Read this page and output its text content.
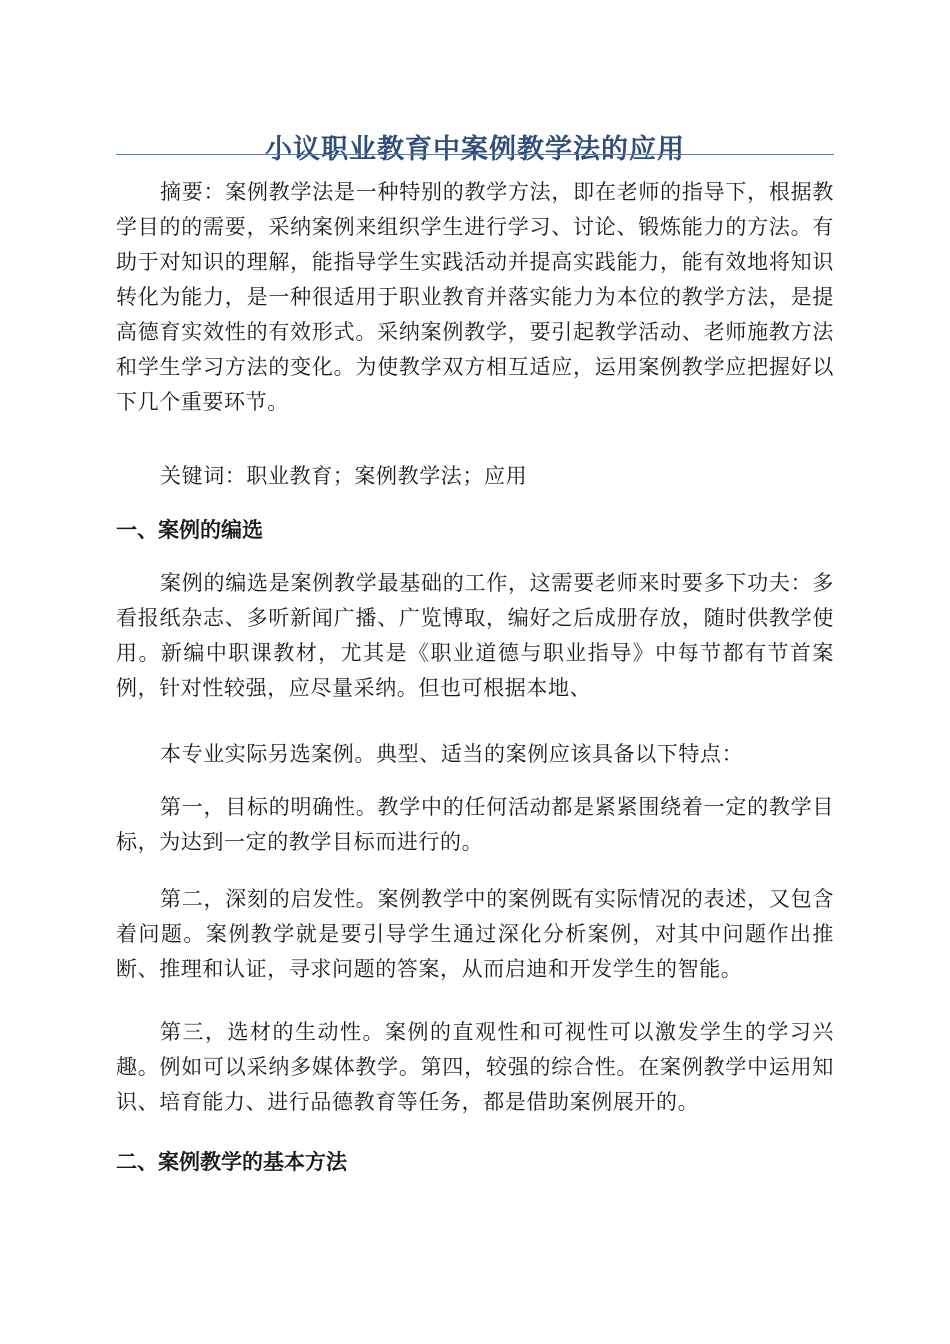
小议职业教育中案例教学法的应用

摘要：案例教学法是一种特别的教学方法，即在老师的指导下，根据教学目的的需要，采纳案例来组织学生进行学习、讨论、锻炼能力的方法。有助于对知识的理解，能指导学生实践活动并提高实践能力，能有效地将知识转化为能力，是一种很适用于职业教育并落实能力为本位的教学方法，是提高德育实效性的有效形式。采纳案例教学，要引起教学活动、老师施教方法和学生学习方法的变化。为使教学双方相互适应，运用案例教学应把握好以下几个重要环节。

关键词：职业教育；案例教学法；应用

一、案例的编选

案例的编选是案例教学最基础的工作，这需要老师来时要多下功夫：多看报纸杂志、多听新闻广播、广览博取，编好之后成册存放，随时供教学使用。新编中职课教材，尤其是《职业道德与职业指导》中每节都有节首案例，针对性较强，应尽量采纳。但也可根据本地、

本专业实际另选案例。典型、适当的案例应该具备以下特点：

第一，目标的明确性。教学中的任何活动都是紧紧围绕着一定的教学目标，为达到一定的教学目标而进行的。

第二，深刻的启发性。案例教学中的案例既有实际情况的表述，又包含着问题。案例教学就是要引导学生通过深化分析案例，对其中问题作出推断、推理和认证，寻求问题的答案，从而启迪和开发学生的智能。

第三，选材的生动性。案例的直观性和可视性可以激发学生的学习兴趣。例如可以采纳多媒体教学。第四，较强的综合性。在案例教学中运用知识、培育能力、进行品德教育等任务，都是借助案例展开的。

二、案例教学的基本方法
